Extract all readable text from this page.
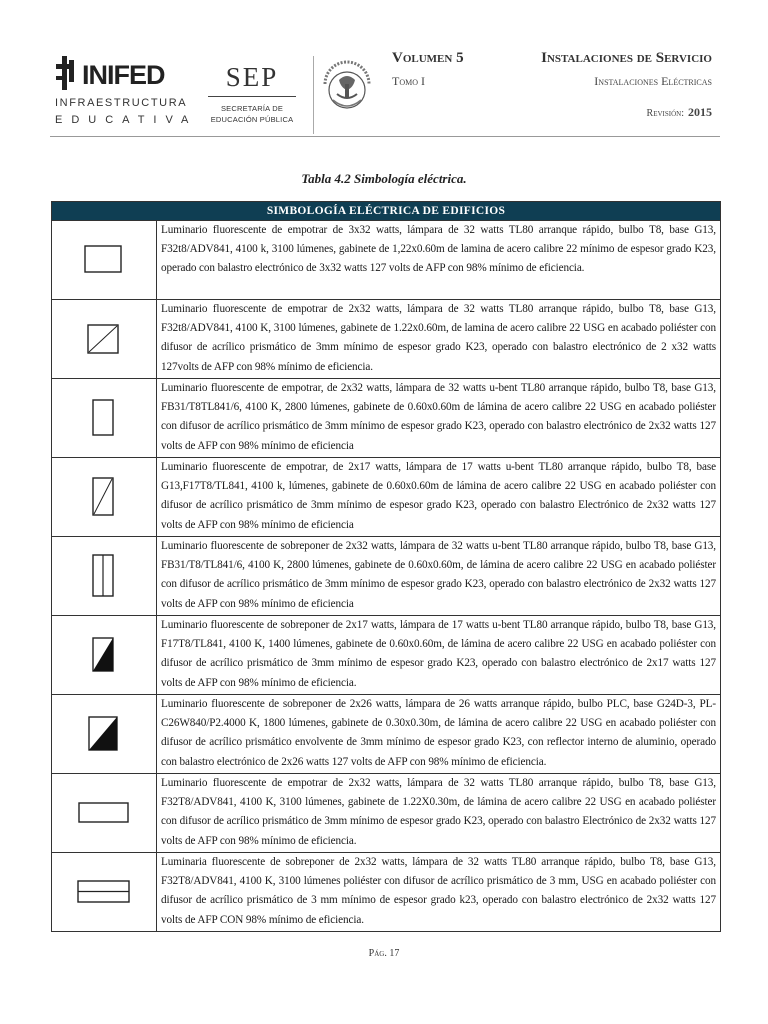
INIFED
INFRAESTRUCTURA
EDUCATIVA
SEP
SECRETARÍA DE
EDUCACIÓN PÚBLICA
Volumen 5
Tomo I
Instalaciones de Servicio
Instalaciones Eléctricas
Revisión: 2015
Tabla 4.2 Simbología eléctrica.
SIMBOLOGÍA ELÉCTRICA DE EDIFICIOS
Luminario fluorescente de empotrar de 3x32 watts, lámpara de 32 watts TL80 arranque rápido, bulbo T8, base G13, F32t8/ADV841, 4100 k, 3100 lúmenes, gabinete de 1,22x0.60m de lamina de acero calibre 22 mínimo de espesor grado K23, operado con balastro electrónico de 3x32 watts 127 volts de AFP con 98% mínimo de eficiencia.
Luminario fluorescente de empotrar de 2x32 watts, lámpara de 32 watts TL80 arranque rápido, bulbo T8, base G13, F32t8/ADV841, 4100 K, 3100 lúmenes, gabinete de 1.22x0.60m, de lamina de acero calibre 22 USG en acabado poliéster con difusor de acrílico prismático de 3mm mínimo de espesor grado K23, operado con balastro electrónico de 2 x32 watts 127volts de AFP con 98% mínimo de eficiencia.
Luminario fluorescente de empotrar, de 2x32 watts, lámpara de 32 watts u-bent TL80 arranque rápido, bulbo T8, base G13, FB31/T8TL841/6, 4100 K, 2800 lúmenes, gabinete de 0.60x0.60m de lámina de acero calibre 22 USG en acabado poliéster con difusor de acrílico prismático de 3mm mínimo de espesor grado K23, operado con balastro electrónico de 2x32 watts 127 volts de AFP con 98% mínimo de eficiencia
Luminario fluorescente de empotrar, de 2x17 watts, lámpara de 17 watts u-bent TL80 arranque rápido, bulbo T8, base G13,F17T8/TL841, 4100 k, lúmenes, gabinete de 0.60x0.60m de lámina de acero calibre 22 USG en acabado poliéster con difusor de acrílico prismático de 3mm mínimo de espesor grado K23, operado con balastro Electrónico de 2x32 watts 127 volts de AFP con 98% mínimo de eficiencia
Luminario fluorescente de sobreponer de 2x32 watts, lámpara de 32 watts u-bent TL80 arranque rápido, bulbo T8, base G13, FB31/T8/TL841/6, 4100 K, 2800 lúmenes, gabinete de 0.60x0.60m, de lámina de acero calibre 22 USG en acabado poliéster con difusor de acrílico prismático de 3mm mínimo de espesor grado K23, operado con balastro electrónico de 2x32 watts 127 volts de AFP con 98% mínimo de eficiencia
Luminario fluorescente de sobreponer de 2x17 watts, lámpara de 17 watts u-bent TL80 arranque rápido, bulbo T8, base G13, F17T8/TL841, 4100 K, 1400 lúmenes, gabinete de 0.60x0.60m, de lámina de acero calibre 22 USG en acabado poliéster con difusor de acrílico prismático de 3mm mínimo de espesor grado K23, operado con balastro electrónico de 2x17 watts 127 volts de AFP con 98% mínimo de eficiencia.
Luminario fluorescente de sobreponer de 2x26 watts, lámpara de 26 watts arranque rápido, bulbo PLC, base G24D-3, PL-C26W840/P2.4000 K, 1800 lúmenes, gabinete de 0.30x0.30m, de lámina de acero calibre 22 USG en acabado poliéster con difusor de acrílico prismático envolvente de 3mm mínimo de espesor grado K23, con reflector interno de aluminio, operado con balastro electrónico de 2x26 watts 127 volts de AFP con 98% mínimo de eficiencia.
Luminario fluorescente de empotrar de 2x32 watts, lámpara de 32 watts TL80 arranque rápido, bulbo T8, base G13, F32T8/ADV841, 4100 K, 3100 lúmenes, gabinete de 1.22X0.30m, de lámina de acero calibre 22 USG en acabado poliéster con difusor de acrílico prismático de 3mm mínimo de espesor grado K23, operado con balastro Electrónico de 2x32 watts 127 volts de AFP con 98% mínimo de eficiencia.
Luminaria fluorescente de sobreponer de 2x32 watts, lámpara de 32 watts TL80 arranque rápido, bulbo T8, base G13, F32T8/ADV841, 4100 K, 3100 lúmenes poliéster con difusor de acrílico prismático de 3 mm, USG en acabado poliéster con difusor de acrílico prismático de 3 mm mínimo de espesor grado k23, operado con balastro electrónico de 2x32 watts 127 volts de AFP CON 98% mínimo de eficiencia.
Pág. 17
